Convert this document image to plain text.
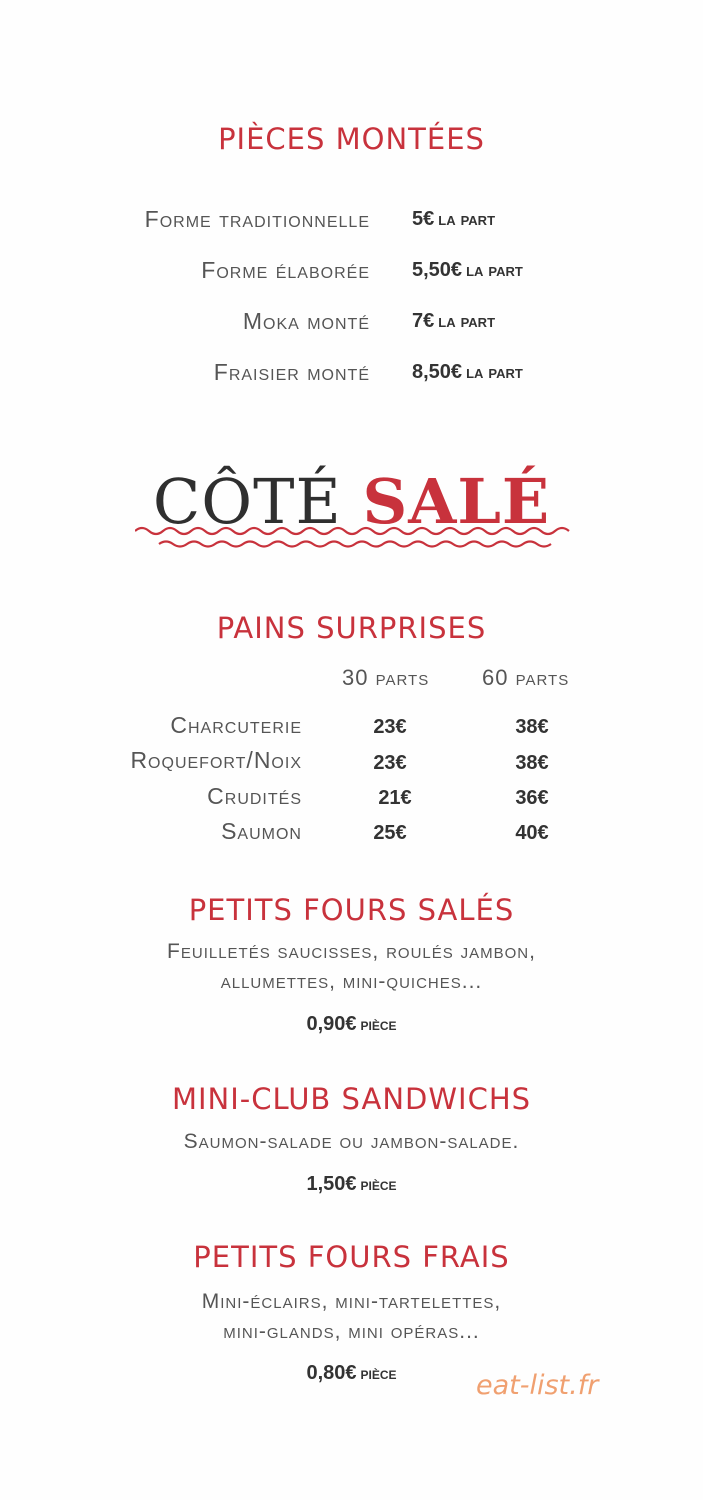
PIÈCES MONTÉES
Forme traditionnelle 5€ la part
Forme élaborée 5,50€ la part
Moka monté 7€ la part
Fraisier monté 8,50€ la part
CÔTÉ SALÉ
PAINS SURPRISES
30 parts 60 parts
Charcuterie	23€	38€
Roquefort/Noix	23€	38€
Crudités	21€	36€
Saumon	25€	40€
PETITS FOURS SALÉS
Feuilletés saucisses, roulés jambon,
allumettes, mini-quiches...
0,90€ pièce
MINI-CLUB SANDWICHS
Saumon-salade ou jambon-salade.
1,50€ pièce
PETITS FOURS FRAIS
Mini-éclairs, mini-tartelettes,
mini-glands, mini opéras...
0,80€ pièce	eat-list.fr
